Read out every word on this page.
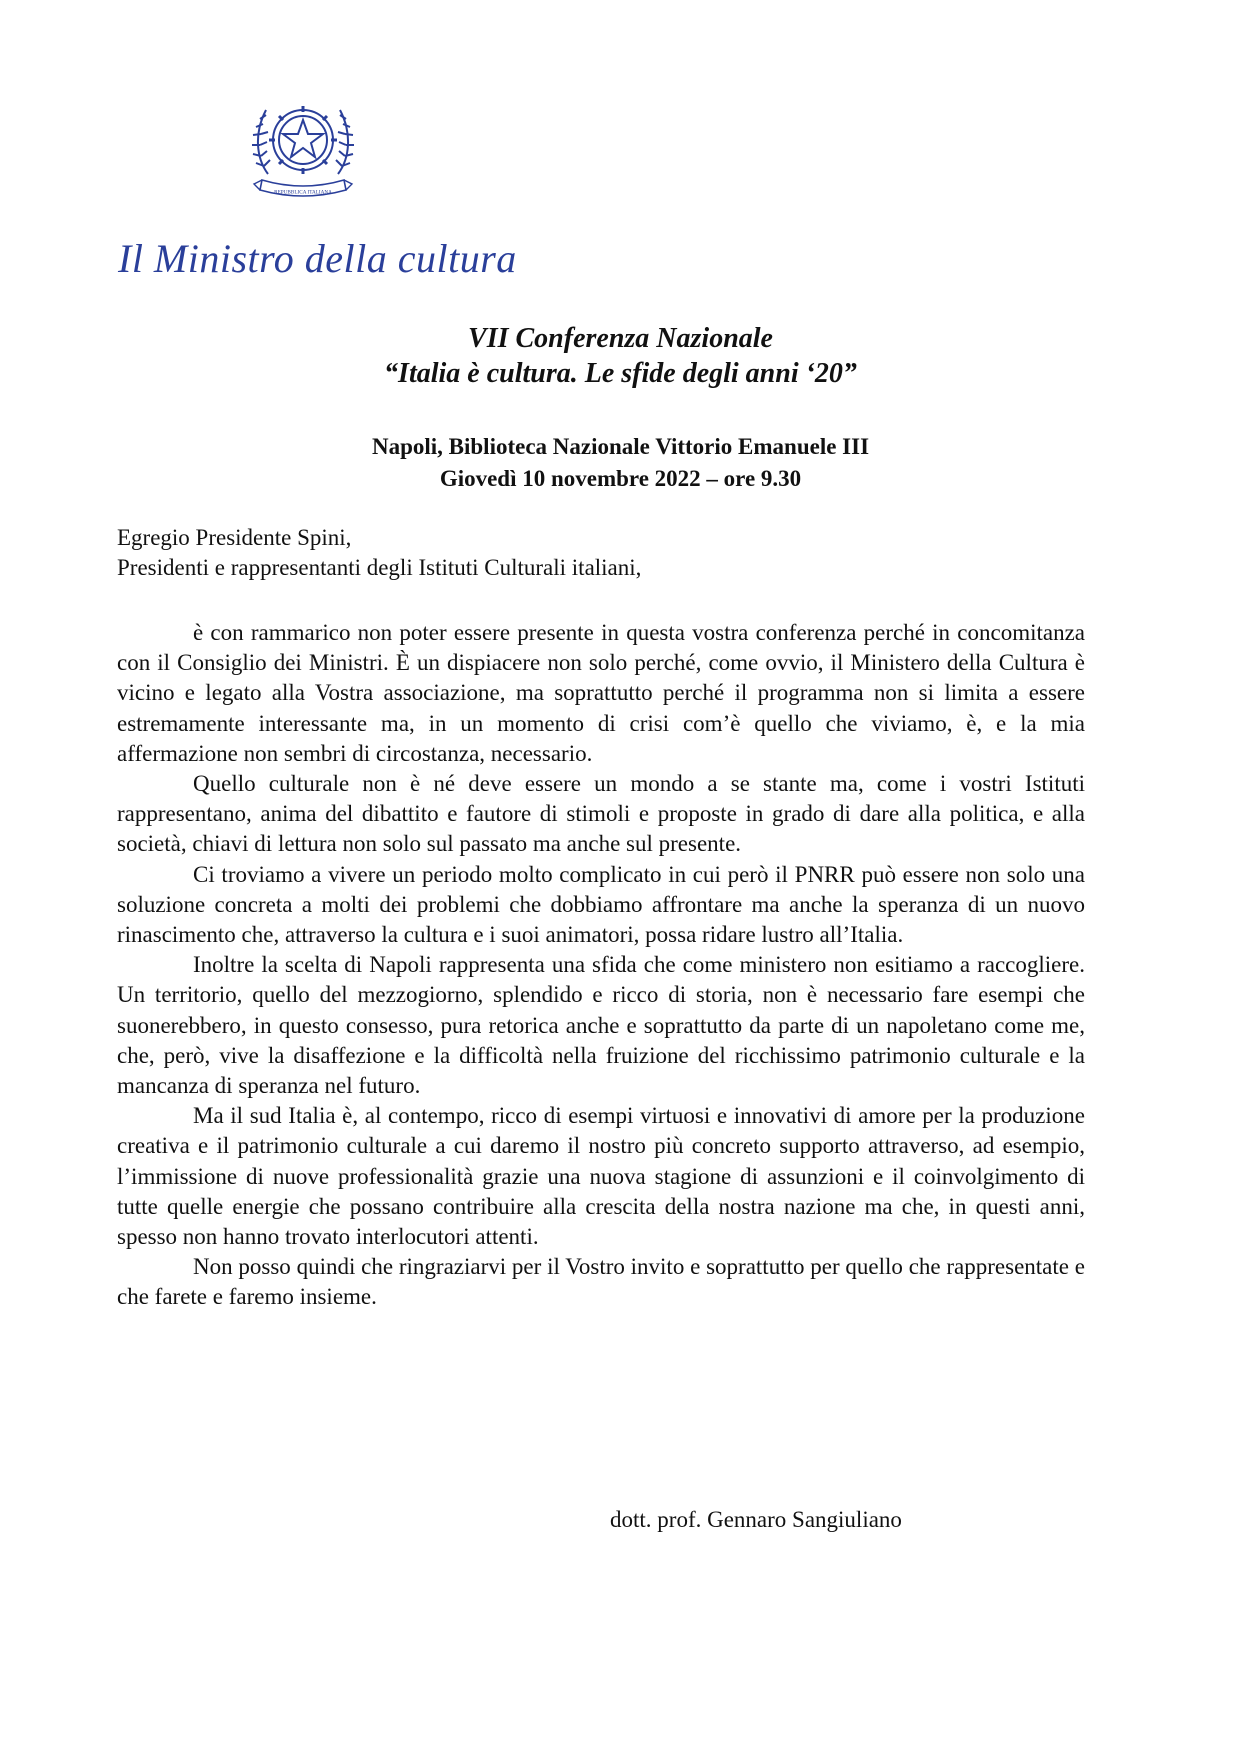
REPUBBLICA ITALIANA
Il Ministro della cultura
VII Conferenza Nazionale
“Italia è cultura. Le sfide degli anni ‘20”
Napoli, Biblioteca Nazionale Vittorio Emanuele III
Giovedì 10 novembre 2022 – ore 9.30
Egregio Presidente Spini,
Presidenti e rappresentanti degli Istituti Culturali italiani,

è con rammarico non poter essere presente in questa vostra conferenza perché in concomitanza con il Consiglio dei Ministri. È un dispiacere non solo perché, come ovvio, il Ministero della Cultura è vicino e legato alla Vostra associazione, ma soprattutto perché il programma non si limita a essere estremamente interessante ma, in un momento di crisi com’è quello che viviamo, è, e la mia affermazione non sembri di circostanza, necessario.

Quello culturale non è né deve essere un mondo a se stante ma, come i vostri Istituti rappresentano, anima del dibattito e fautore di stimoli e proposte in grado di dare alla politica, e alla società, chiavi di lettura non solo sul passato ma anche sul presente.

Ci troviamo a vivere un periodo molto complicato in cui però il PNRR può essere non solo una soluzione concreta a molti dei problemi che dobbiamo affrontare ma anche la speranza di un nuovo rinascimento che, attraverso la cultura e i suoi animatori, possa ridare lustro all’Italia.

Inoltre la scelta di Napoli rappresenta una sfida che come ministero non esitiamo a raccogliere. Un territorio, quello del mezzogiorno, splendido e ricco di storia, non è necessario fare esempi che suonerebbero, in questo consesso, pura retorica anche e soprattutto da parte di un napoletano come me, che, però, vive la disaffezione e la difficoltà nella fruizione del ricchissimo patrimonio culturale e la mancanza di speranza nel futuro.

Ma il sud Italia è, al contempo, ricco di esempi virtuosi e innovativi di amore per la produzione creativa e il patrimonio culturale a cui daremo il nostro più concreto supporto attraverso, ad esempio, l’immissione di nuove professionalità grazie una nuova stagione di assunzioni e il coinvolgimento di tutte quelle energie che possano contribuire alla crescita della nostra nazione ma che, in questi anni, spesso non hanno trovato interlocutori attenti.

Non posso quindi che ringraziarvi per il Vostro invito e soprattutto per quello che rappresentate e che farete e faremo insieme.

dott. prof. Gennaro Sangiuliano
